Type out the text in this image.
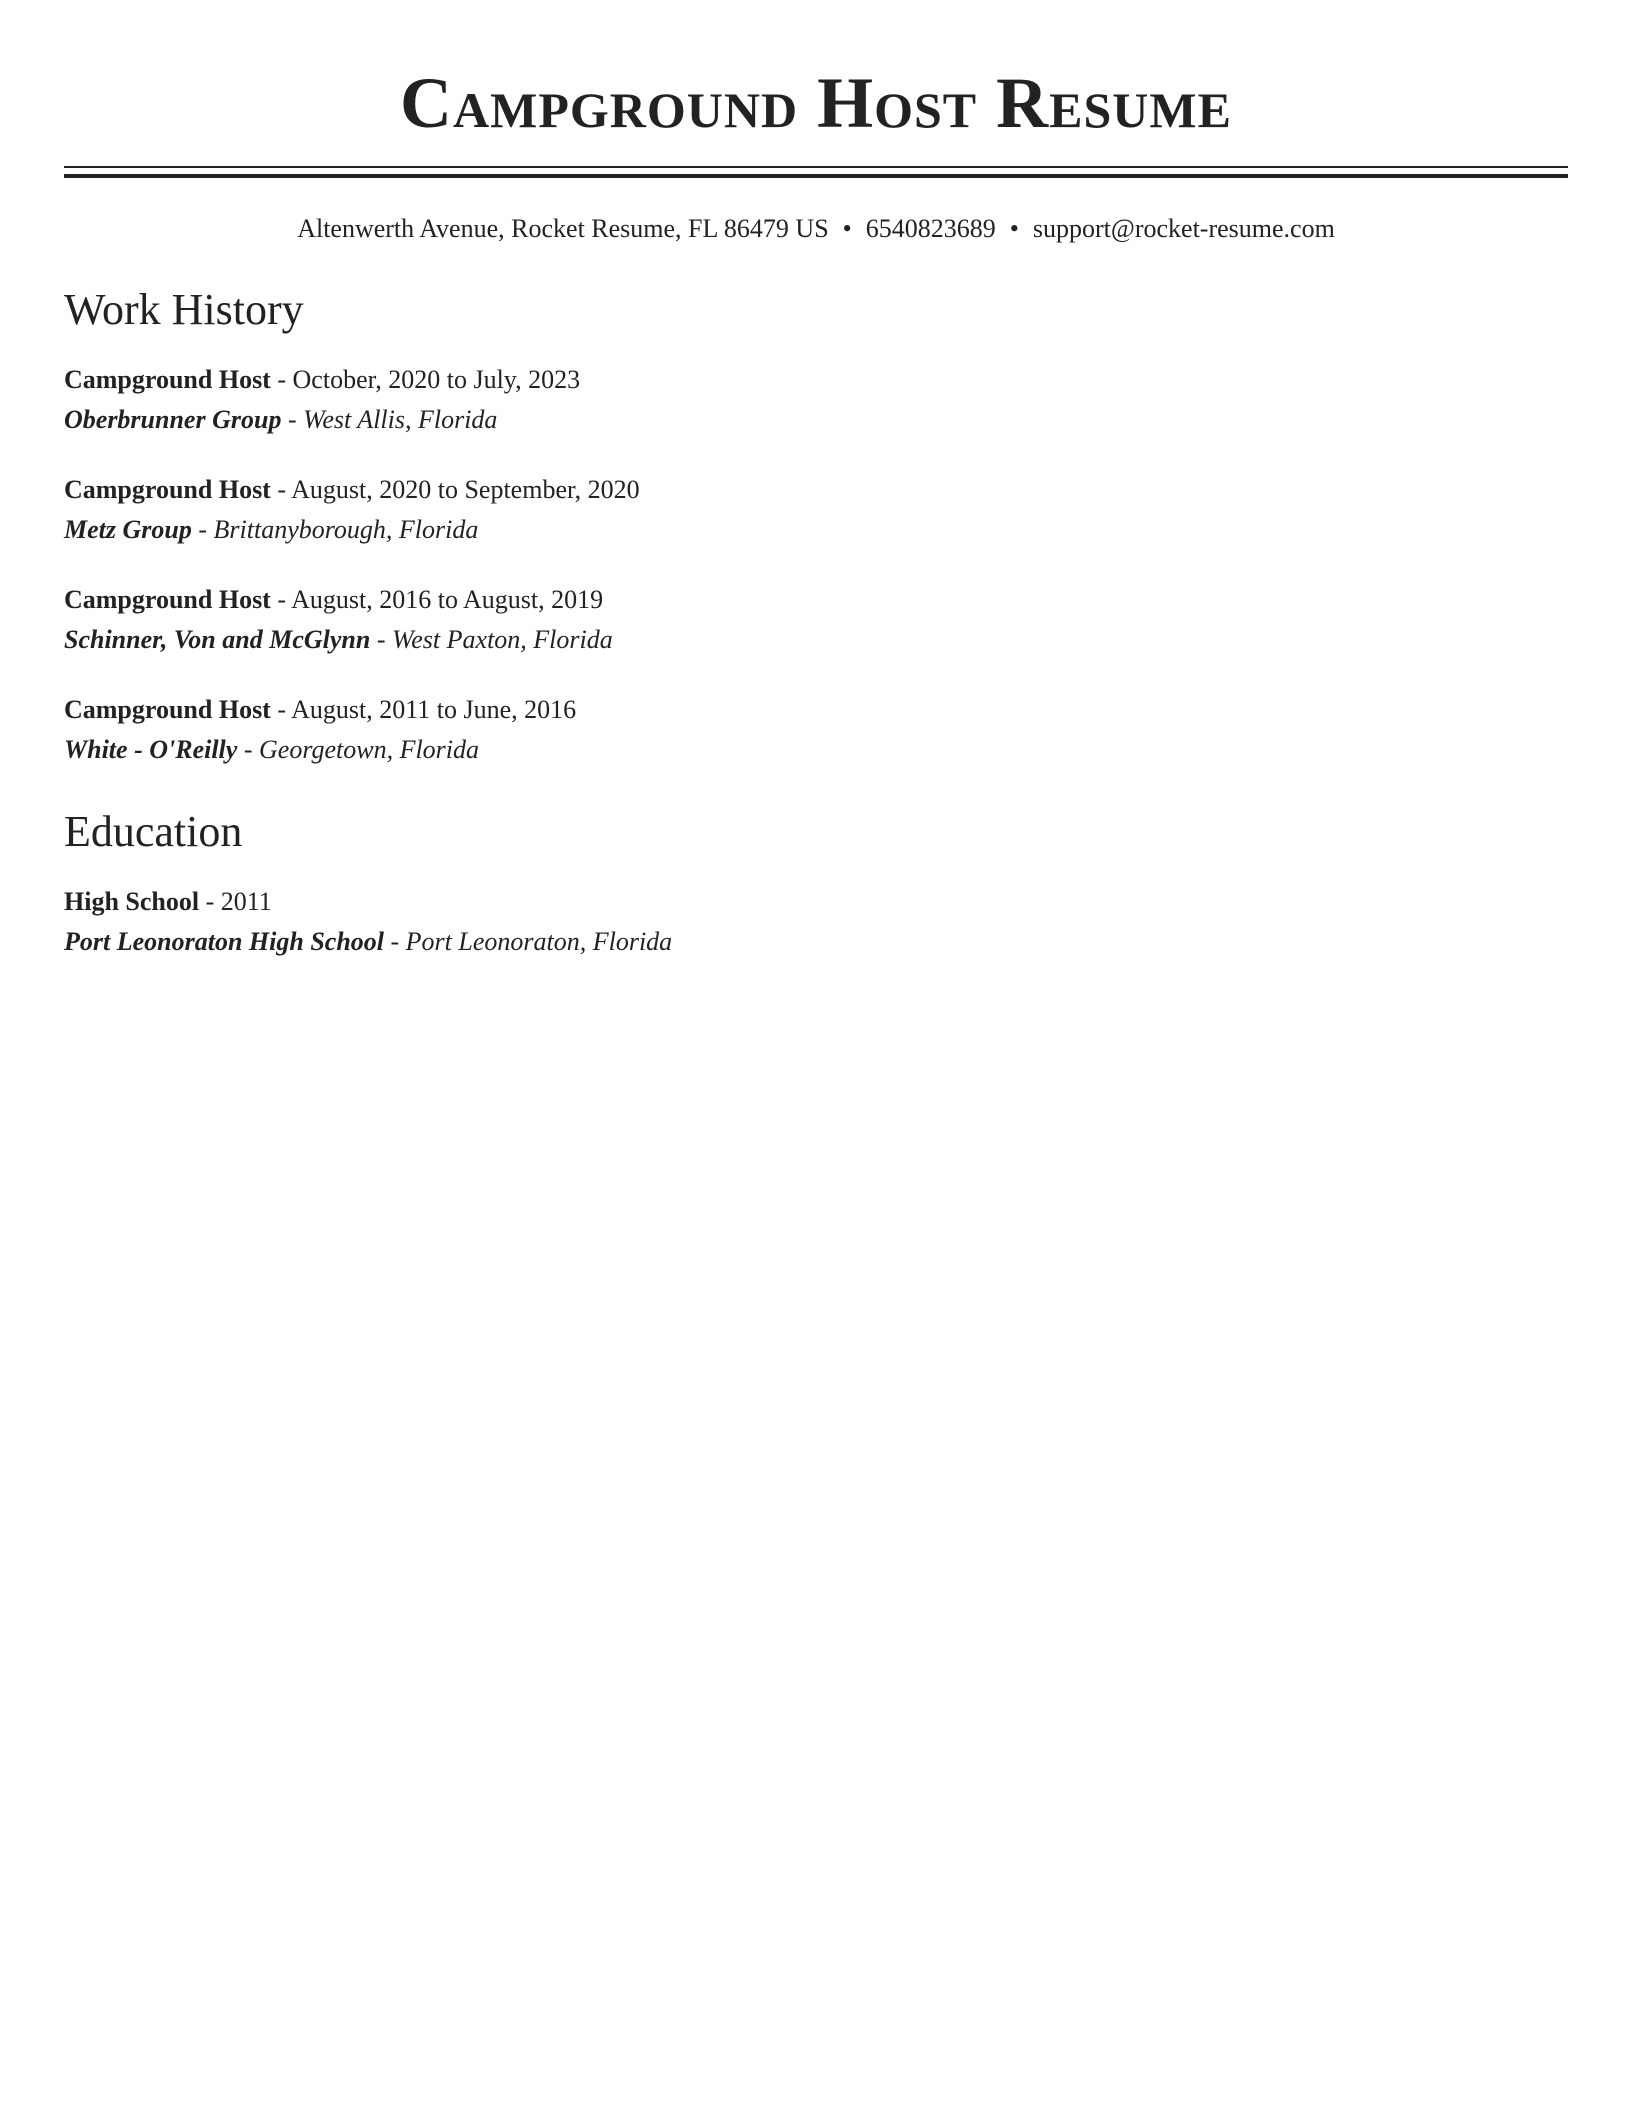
Campground Host Resume
Altenwerth Avenue, Rocket Resume, FL 86479 US • 6540823689 • support@rocket-resume.com
Work History
Campground Host - October, 2020 to July, 2023
Oberbrunner Group - West Allis, Florida
Campground Host - August, 2020 to September, 2020
Metz Group - Brittanyborough, Florida
Campground Host - August, 2016 to August, 2019
Schinner, Von and McGlynn - West Paxton, Florida
Campground Host - August, 2011 to June, 2016
White - O'Reilly - Georgetown, Florida
Education
High School - 2011
Port Leonoraton High School - Port Leonoraton, Florida
